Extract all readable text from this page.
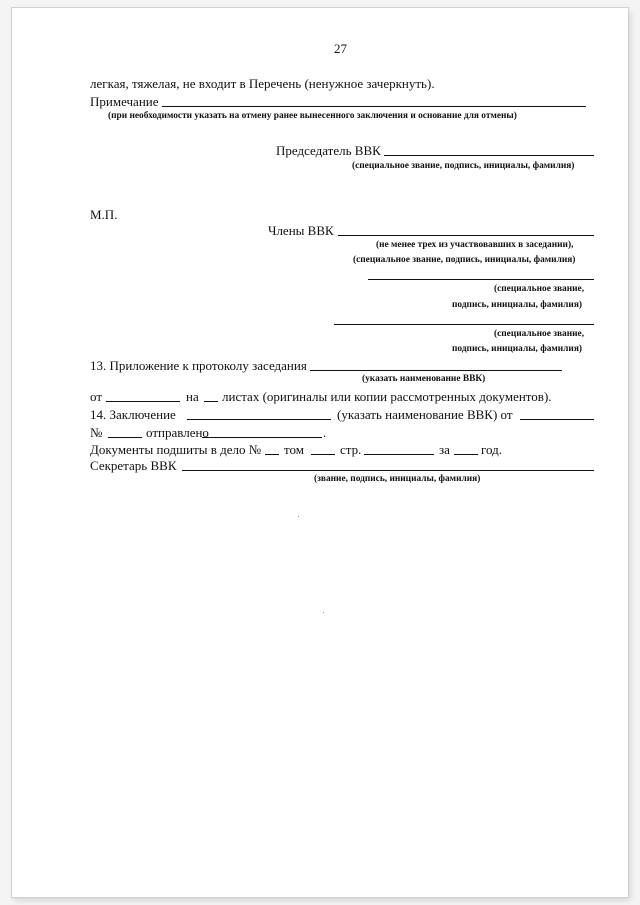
27
легкая, тяжелая, не входит в Перечень (ненужное зачеркнуть).
Примечание
(при необходимости указать на отмену ранее вынесенного заключения и основание для отмены)
Председатель ВВК
(специальное звание, подпись, инициалы, фамилия)
М.П.
Члены ВВК
(не менее трех из участвовавших в заседании),
(специальное звание, подпись, инициалы, фамилия)
(специальное звание,
подпись, инициалы, фамилия)
(специальное звание,
подпись, инициалы, фамилия)
13. Приложение к протоколу заседания
(указать наименование ВВК)
от	на листах (оригиналы или копии рассмотренных документов).
14. Заключение	(указать наименование ВВК) от
№	отправлено	.
Документы подшиты в дело № том	стр.	за год.
Секретарь ВВК
(звание, подпись, инициалы, фамилия)
